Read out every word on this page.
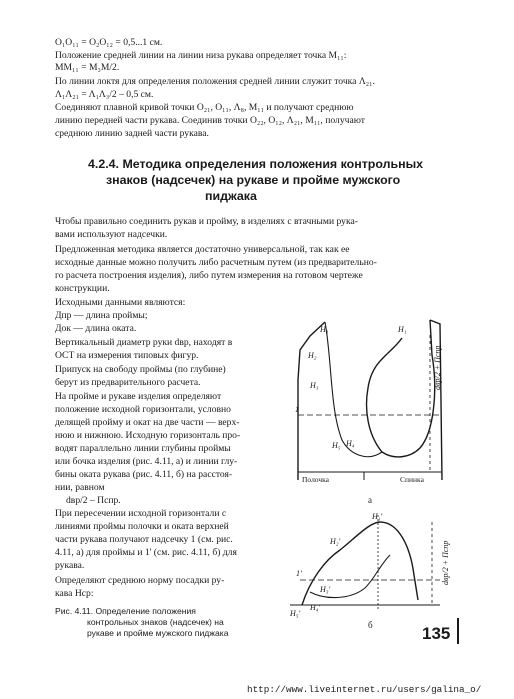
O₁O₁₁ = O₂O₁₂ = 0,5...1 см.
Положение средней линии на линии низа рукава определяет точка M₁₁:
MM₁₁ = M₃M/2.
По линии локтя для определения положения средней линии служит точка Λ₂₁.
Λ₁Λ₂₁ = Λ₁Λ₃/2 – 0,5 см.
Соединяют плавной кривой точки O₂₁, O₁₁, Λ₈, M₁₁ и получают среднюю
линию передней части рукава. Соединив точки O₂₂, O₁₂, Λ₂₁, M₁₁, получают
среднюю линию задней части рукава.
Чтобы правильно соединить рукав и пройму, в изделиях с втачными рука-
вами используют надсечки.
Предложенная методика является достаточно универсальной, так как ее
исходные данные можно получить либо расчетным путем (из предварительно-
го расчета построения изделия), либо путем измерения на готовом чертеже
конструкции.
Исходными данными являются:
Дпр — длина проймы;
Док — длина оката.
Вертикальный диаметр руки dвр, находят в
ОСТ на измерения типовых фигур.
Припуск на свободу проймы (по глубине)
берут из предварительного расчета.
На пройме и рукаве изделия определяют
положение исходной горизонтали, условно
делящей пройму и окат на две части — верх-
нюю и нижнюю. Исходную горизонталь про-
водят параллельно линии глубины проймы
или бочка изделия (рис. 4.11, а) и линии глу-
бины оката рукава (рис. 4.11, б) на расстоя-
нии, равном
dвр/2 – Пспр.
При пересечении исходной горизонтали с
линиями проймы полочки и оката верхней
части рукава получают надсечку 1 (см. рис.
4.11, а) для проймы и 1' (см. рис. 4.11, б) для
рукава.
Определяют среднюю норму посадки ру-
кава Нср:
4.2.4. Методика определения положения контрольных
знаков (надсечек) на рукаве и пройме мужского
пиджака
H₁	H₁
H₂
H₃
H₅ H₄
1
dвр/2 + Пспр
Полочка	Спинка
а
H₁'
H₂'
H₃'
H₅'
H₄'
1'	dвр/2 + Пспр
б
Рис. 4.11. Определение положения
контрольных знаков (надсечек) на
рукаве и пройме мужского пиджака	135
http://www.liveinternet.ru/users/galina_o/
